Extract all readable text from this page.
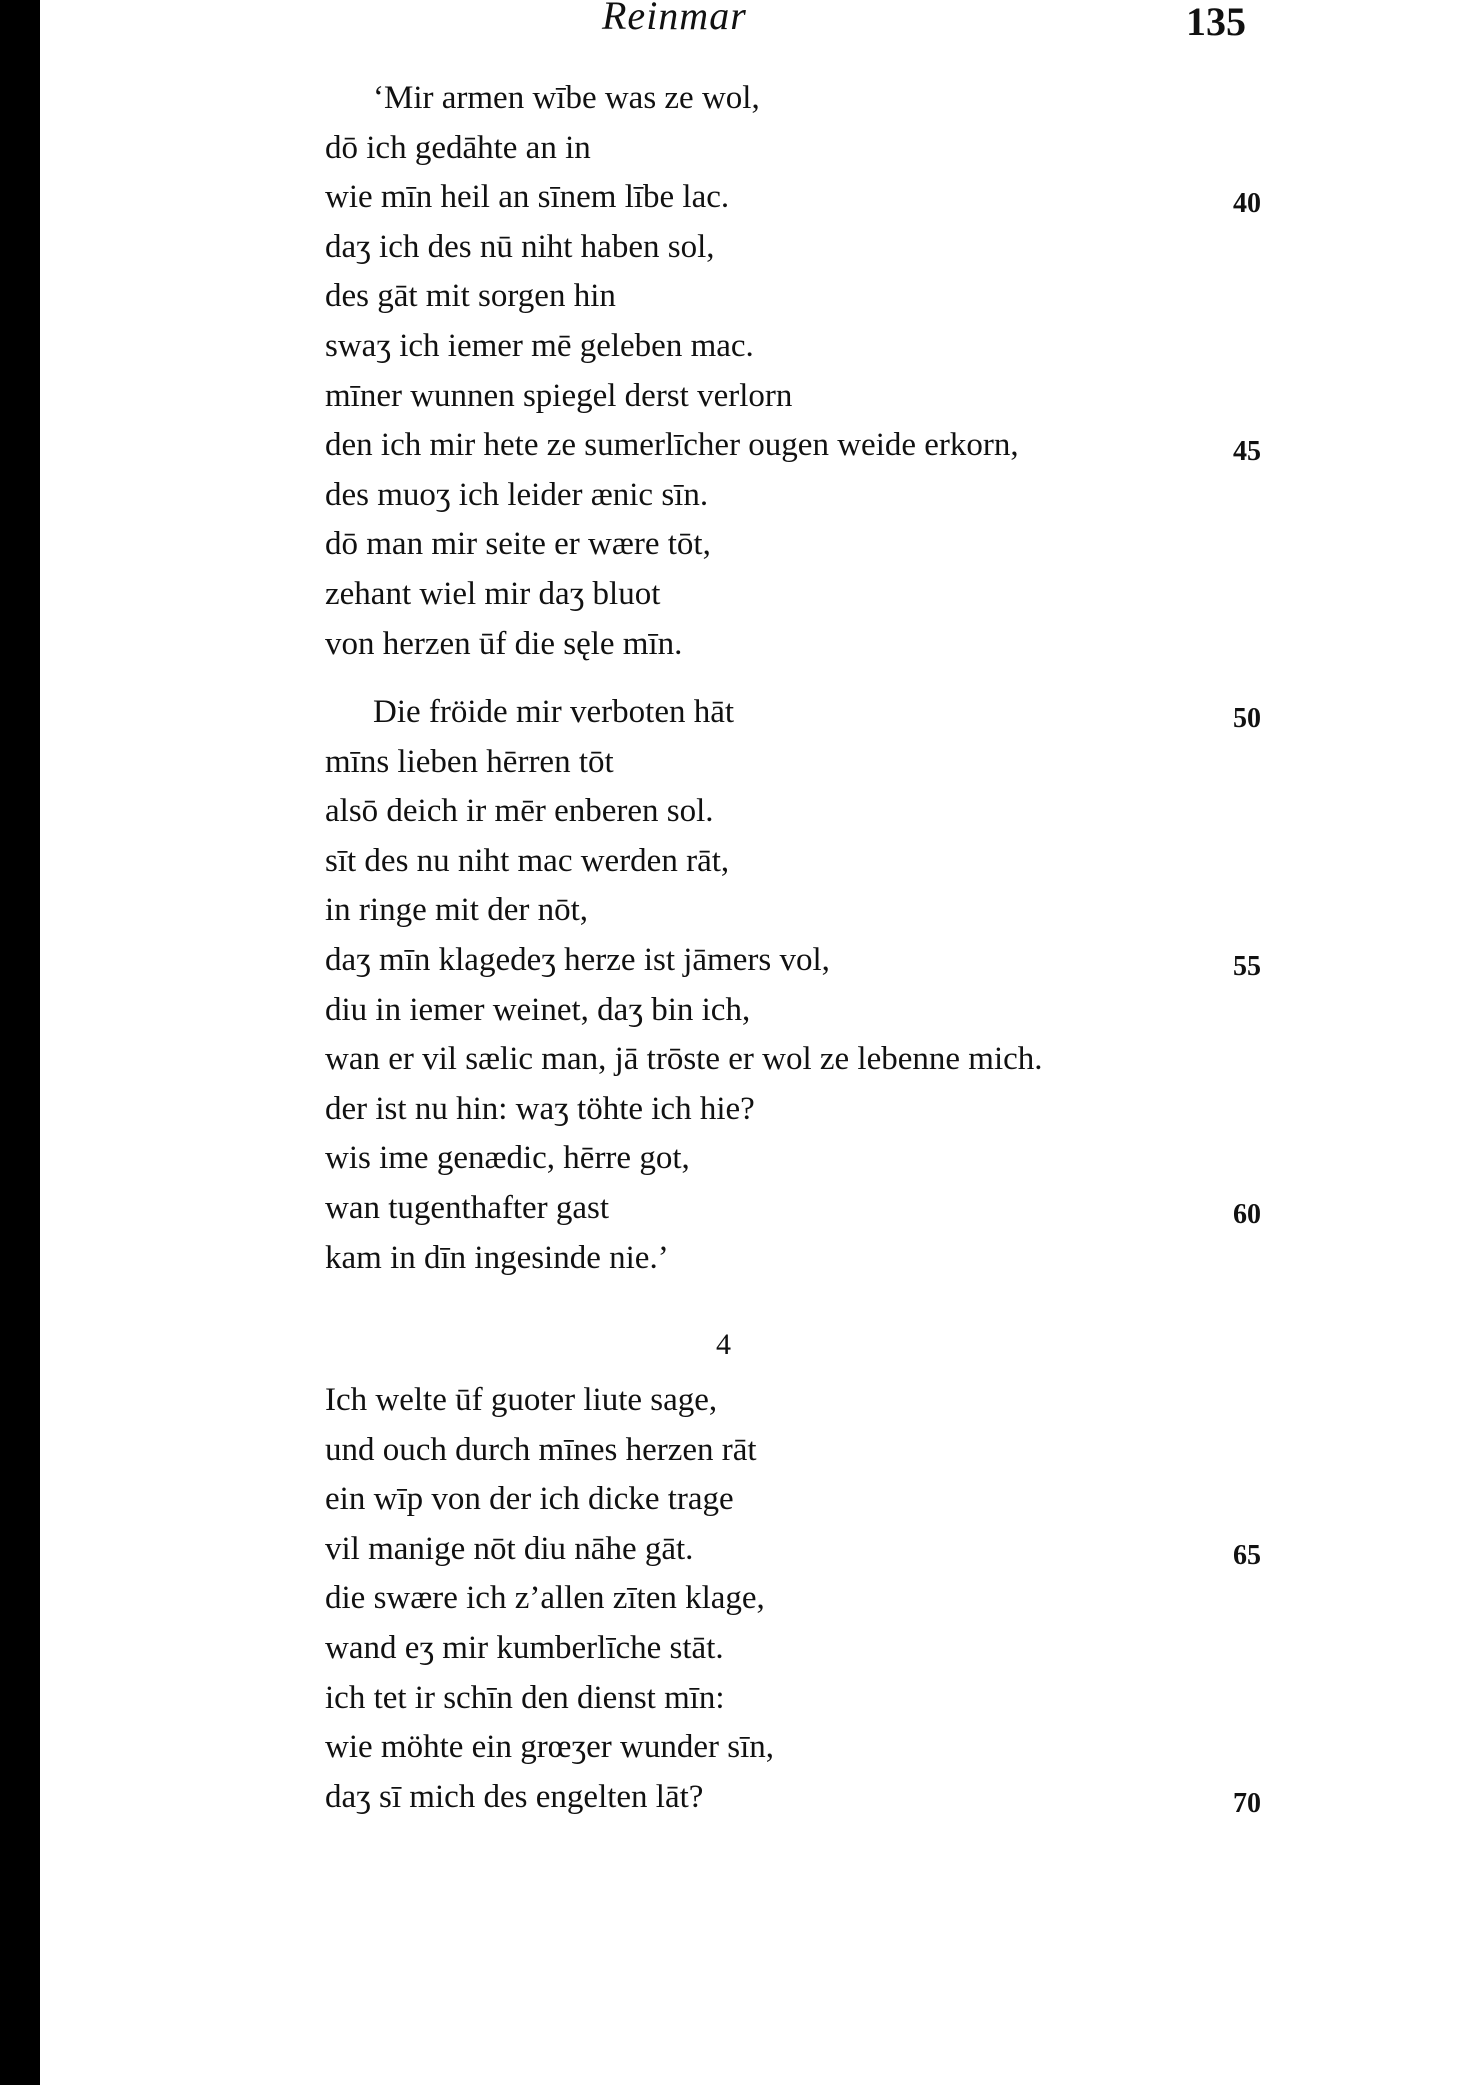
Reinmar	135
‘Mir armen wībe was ze wol,
dō ich gedāhte an in
wie mīn heil an sīnem lībe lac.	40
daʒ ich des nū niht haben sol,
des gāt mit sorgen hin
swaʒ ich iemer mē geleben mac.
mīner wunnen spiegel derst verlorn
den ich mir hete ze sumerlīcher ougen weide erkorn,	45
des muoʒ ich leider ænic sīn.
dō man mir seite er wære tōt,
zehant wiel mir daʒ bluot
von herzen ūf die sęle mīn.
Die fröide mir verboten hāt	50
mīns lieben hērren tōt
alsō deich ir mēr enberen sol.
sīt des nu niht mac werden rāt,
in ringe mit der nōt,
daʒ mīn klagedeʒ herze ist jāmers vol,	55
diu in iemer weinet, daʒ bin ich,
wan er vil sælic man, jā trōste er wol ze lebenne mich.
der ist nu hin: waʒ töhte ich hie?
wis ime genædic, hērre got,
wan tugenthafter gast	60
kam in dīn ingesinde nie.’
4
Ich welte ūf guoter liute sage,
und ouch durch mīnes herzen rāt
ein wīp von der ich dicke trage
vil manige nōt diu nāhe gāt.	65
die swære ich z’allen zīten klage,
wand eʒ mir kumberlīche stāt.
ich tet ir schīn den dienst mīn:
wie möhte ein grœʒer wunder sīn,
daʒ sī mich des engelten lāt?	70
